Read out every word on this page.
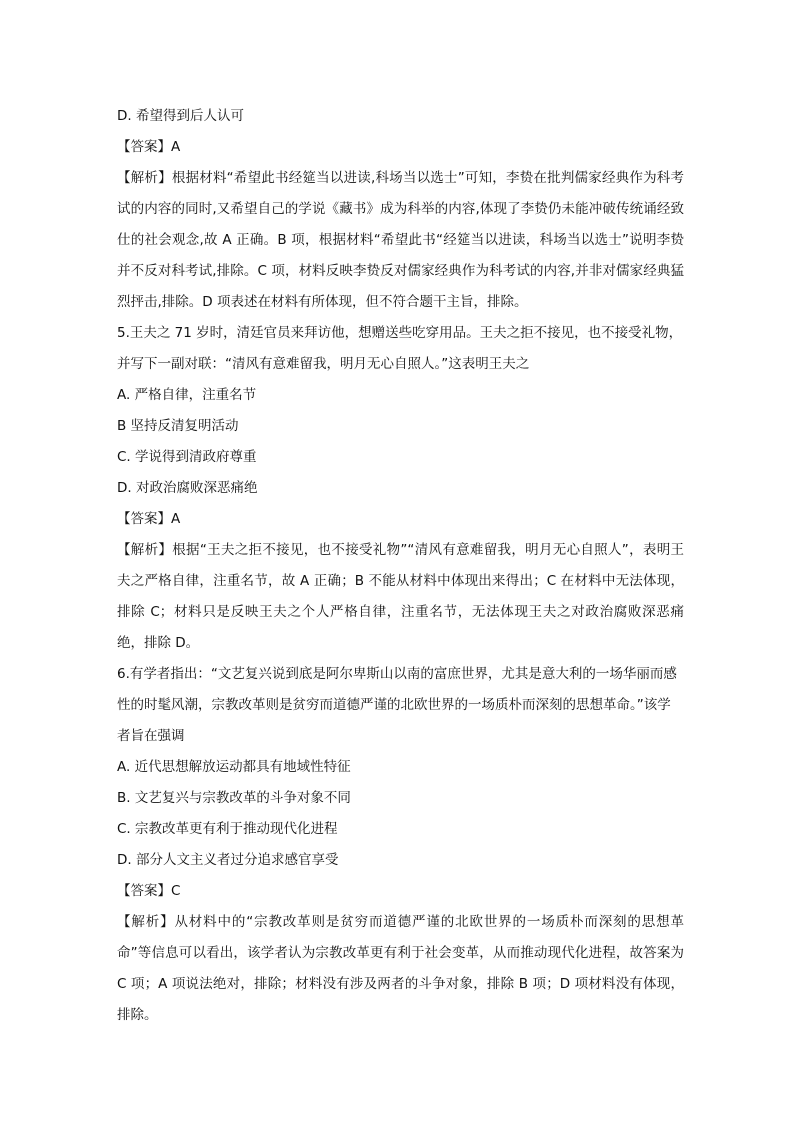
D. 希望得到后人认可
【答案】A
【解析】根据材料“希望此书经筵当以进读,科场当以选士”可知，李贽在批判儒家经典作为科考试的内容的同时,又希望自己的学说《藏书》成为科举的内容,体现了李贽仍未能冲破传统诵经致仕的社会观念,故 A 正确。B 项，根据材料“希望此书“经筵当以进读，科场当以选士”说明李贽并不反对科考试,排除。C 项，材料反映李贽反对儒家经典作为科考试的内容,并非对儒家经典猛烈抨击,排除。D 项表述在材料有所体现，但不符合题干主旨，排除。
5.王夫之 71 岁时，清廷官员来拜访他，想赠送些吃穿用品。王夫之拒不接见，也不接受礼物，并写下一副对联：“清风有意难留我，明月无心自照人。”这表明王夫之
A. 严格自律，注重名节
B 坚持反清复明活动
C. 学说得到清政府尊重
D. 对政治腐败深恶痛绝
【答案】A
【解析】根据“王夫之拒不接见，也不接受礼物”“清风有意难留我，明月无心自照人”，表明王夫之严格自律，注重名节，故 A 正确；B 不能从材料中体现出来得出；C 在材料中无法体现，排除 C；材料只是反映王夫之个人严格自律，注重名节，无法体现王夫之对政治腐败深恶痛绝，排除 D。
6.有学者指出：“文艺复兴说到底是阿尔卑斯山以南的富庶世界，尤其是意大利的一场华丽而感性的时髦风潮，宗教改革则是贫穷而道德严谨的北欧世界的一场质朴而深刻的思想革命。”该学者旨在强调
A. 近代思想解放运动都具有地域性特征
B. 文艺复兴与宗教改革的斗争对象不同
C. 宗教改革更有利于推动现代化进程
D. 部分人文主义者过分追求感官享受
【答案】C
【解析】从材料中的“宗教改革则是贫穷而道德严谨的北欧世界的一场质朴而深刻的思想革命”等信息可以看出，该学者认为宗教改革更有利于社会变革，从而推动现代化进程，故答案为 C 项；A 项说法绝对，排除；材料没有涉及两者的斗争对象，排除 B 项；D 项材料没有体现，排除。
